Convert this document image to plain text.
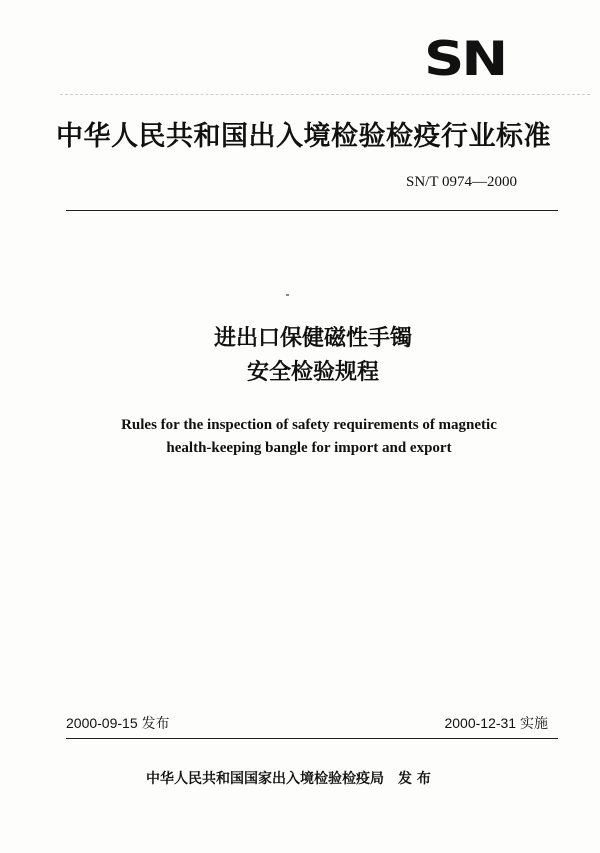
SN
中华人民共和国出入境检验检疫行业标准
SN/T 0974—2000
进出口保健磁性手镯
安全检验规程
Rules for the inspection of safety requirements of magnetic
health-keeping bangle for import and export
2000-09-15 发布	2000-12-31 实施
中华人民共和国国家出入境检验检疫局 发 布
